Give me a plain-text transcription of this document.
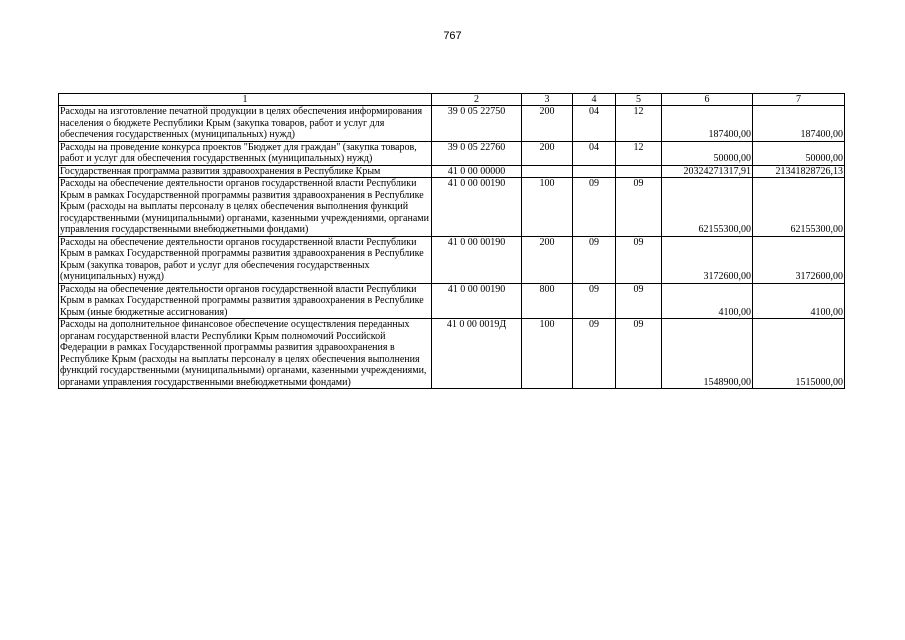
767
1	2	3	4	5	6	7
Расходы на изготовление печатной продукции в целях обеспечения информирования населения о бюджете Республики Крым (закупка товаров, работ и услуг для обеспечения государственных (муниципальных) нужд)	39 0 05 22750	200	04	12	187400,00	187400,00
Расходы на проведение конкурса проектов "Бюджет для граждан" (закупка товаров, работ и услуг для обеспечения государственных (муниципальных) нужд)	39 0 05 22760	200	04	12	50000,00	50000,00
Государственная программа развития здравоохранения в Республике Крым	41 0 00 00000				20324271317,91	21341828726,13
Расходы на обеспечение деятельности органов государственной власти Республики Крым в рамках Государственной программы развития здравоохранения в Республике Крым (расходы на выплаты персоналу в целях обеспечения выполнения функций государственными (муниципальными) органами, казенными учреждениями, органами управления государственными внебюджетными фондами)	41 0 00 00190	100	09	09	62155300,00	62155300,00
Расходы на обеспечение деятельности органов государственной власти Республики Крым в рамках Государственной программы развития здравоохранения в Республике Крым (закупка товаров, работ и услуг для обеспечения государственных (муниципальных) нужд)	41 0 00 00190	200	09	09	3172600,00	3172600,00
Расходы на обеспечение деятельности органов государственной власти Республики Крым в рамках Государственной программы развития здравоохранения в Республике Крым (иные бюджетные ассигнования)	41 0 00 00190	800	09	09	4100,00	4100,00
Расходы на дополнительное финансовое обеспечение осуществления переданных органам государственной власти Республики Крым полномочий Российской Федерации в рамках Государственной программы развития здравоохранения в Республике Крым (расходы на выплаты персоналу в целях обеспечения выполнения функций государственными (муниципальными) органами, казенными учреждениями, органами управления государственными внебюджетными фондами)	41 0 00 0019Д	100	09	09	1548900,00	1515000,00
